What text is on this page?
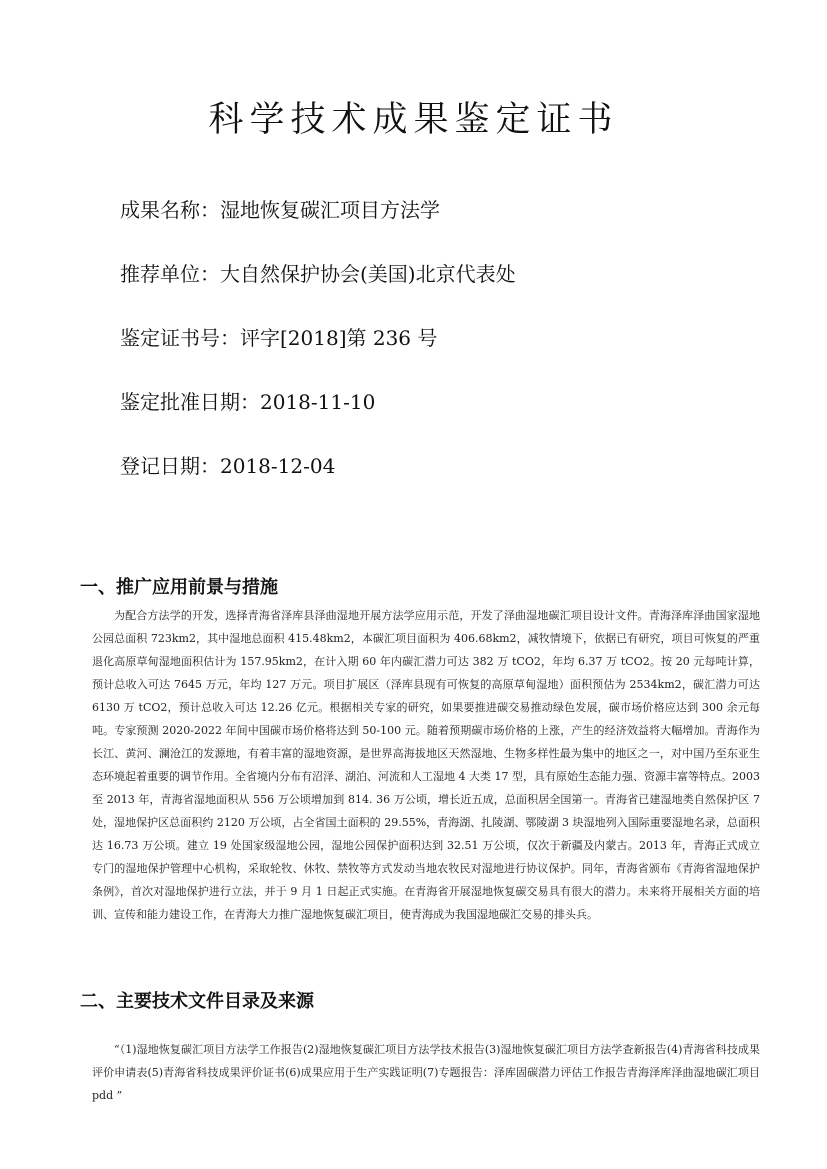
科学技术成果鉴定证书

成果名称：湿地恢复碳汇项目方法学

推荐单位：大自然保护协会(美国)北京代表处

鉴定证书号：评字[2018]第 236 号

鉴定批准日期：2018-11-10

登记日期：2018-12-04

一、推广应用前景与措施

为配合方法学的开发，选择青海省泽库县泽曲湿地开展方法学应用示范，开发了泽曲湿地碳汇项目设计文件。青海泽库泽曲国家湿地公园总面积 723km2，其中湿地总面积 415.48km2，本碳汇项目面积为 406.68km2，减牧情境下，依据已有研究，项目可恢复的严重退化高原草甸湿地面积估计为 157.95km2，在计入期 60 年内碳汇潜力可达 382 万 tCO2，年均 6.37 万 tCO2。按 20 元每吨计算，预计总收入可达 7645 万元，年均 127 万元。项目扩展区（泽库县现有可恢复的高原草甸湿地）面积预估为 2534km2，碳汇潜力可达 6130 万 tCO2，预计总收入可达 12.26 亿元。根据相关专家的研究，如果要推进碳交易推动绿色发展，碳市场价格应达到 300 余元每吨。专家预测 2020-2022 年间中国碳市场价格将达到 50-100 元。随着预期碳市场价格的上涨，产生的经济效益将大幅增加。青海作为长江、黄河、澜沧江的发源地，有着丰富的湿地资源，是世界高海拔地区天然湿地、生物多样性最为集中的地区之一，对中国乃至东亚生态环境起着重要的调节作用。全省境内分布有沼泽、湖泊、河流和人工湿地 4 大类 17 型，具有原始生态能力强、资源丰富等特点。2003 至 2013 年，青海省湿地面积从 556 万公顷增加到 814. 36 万公顷，增长近五成，总面积居全国第一。青海省已建湿地类自然保护区 7 处，湿地保护区总面积约 2120 万公顷，占全省国土面积的 29.55%，青海湖、扎陵湖、鄂陵湖 3 块湿地列入国际重要湿地名录，总面积达 16.73 万公顷。建立 19 处国家级湿地公园，湿地公园保护面积达到 32.51 万公顷，仅次于新疆及内蒙古。2013 年，青海正式成立专门的湿地保护管理中心机构，采取轮牧、休牧、禁牧等方式发动当地农牧民对湿地进行协议保护。同年，青海省颁布《青海省湿地保护条例》，首次对湿地保护进行立法，并于 9 月 1 日起正式实施。在青海省开展湿地恢复碳交易具有很大的潜力。未来将开展相关方面的培训、宣传和能力建设工作，在青海大力推广湿地恢复碳汇项目，使青海成为我国湿地碳汇交易的排头兵。

二、主要技术文件目录及来源

“（1)湿地恢复碳汇项目方法学工作报告(2)湿地恢复碳汇项目方法学技术报告(3)湿地恢复碳汇项目方法学查新报告(4)青海省科技成果评价申请表(5)青海省科技成果评价证书(6)成果应用于生产实践证明(7)专题报告：泽库固碳潜力评估工作报告青海泽库泽曲湿地碳汇项目 pdd ”
